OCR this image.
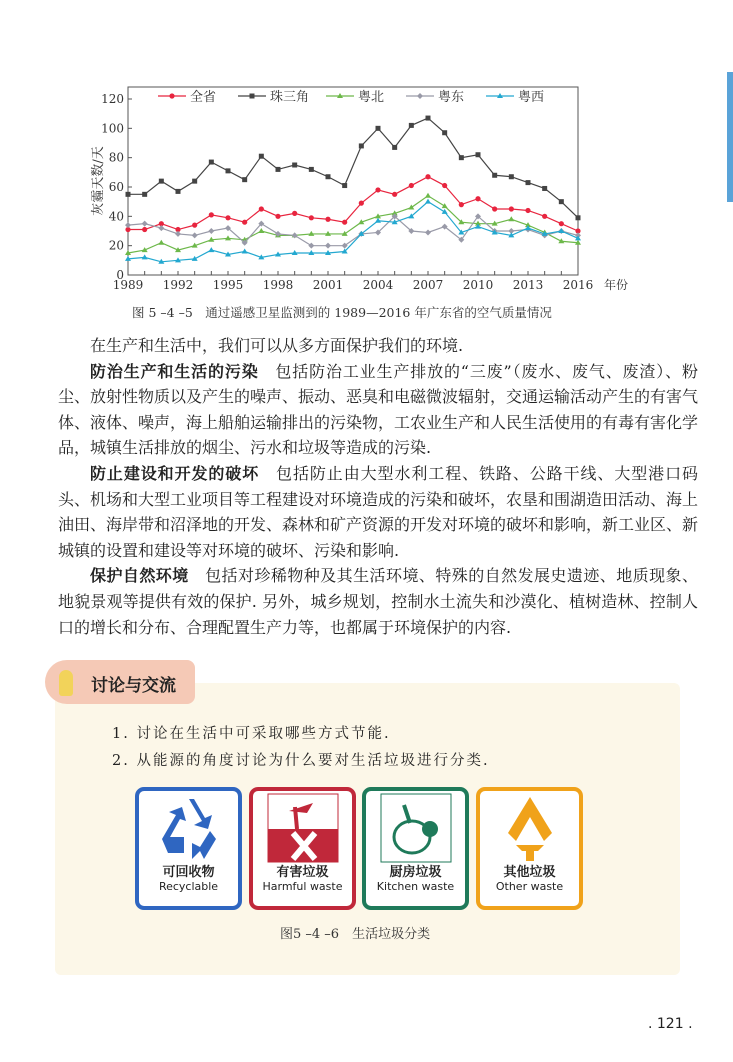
0
20
40
60
80
100
120
1989 1992 1995 1998 2001 2004 2007 2010 2013 2016 年份
灰霾天数/天
全省	珠三角	粤北	粤东	粤西
图 5 –4 –5　通过遥感卫星监测到的 1989—2016 年广东省的空气质量情况

在生产和生活中，我们可以从多方面保护我们的环境.

防治生产和生活的污染　包括防治工业生产排放的“三废”（废水、废气、废渣）、粉尘、放射性物质以及产生的噪声、振动、恶臭和电磁微波辐射，交通运输活动产生的有害气体、液体、噪声，海上船舶运输排出的污染物，工农业生产和人民生活使用的有毒有害化学品，城镇生活排放的烟尘、污水和垃圾等造成的污染.

防止建设和开发的破坏　包括防止由大型水利工程、铁路、公路干线、大型港口码头、机场和大型工业项目等工程建设对环境造成的污染和破坏，农垦和围湖造田活动、海上油田、海岸带和沼泽地的开发、森林和矿产资源的开发对环境的破坏和影响，新工业区、新城镇的设置和建设等对环境的破坏、污染和影响.

保护自然环境　包括对珍稀物种及其生活环境、特殊的自然发展史遗迹、地质现象、地貌景观等提供有效的保护. 另外，城乡规划，控制水土流失和沙漠化、植树造林、控制人口的增长和分布、合理配置生产力等，也都属于环境保护的内容.

讨论与交流
1. 讨论在生活中可采取哪些方式节能.
2. 从能源的角度讨论为什么要对生活垃圾进行分类.
可回收物
Recyclable
有害垃圾
Harmful waste
厨房垃圾
Kitchen waste
其他垃圾
Other waste
图5 –4 –6　生活垃圾分类
. 121 .
